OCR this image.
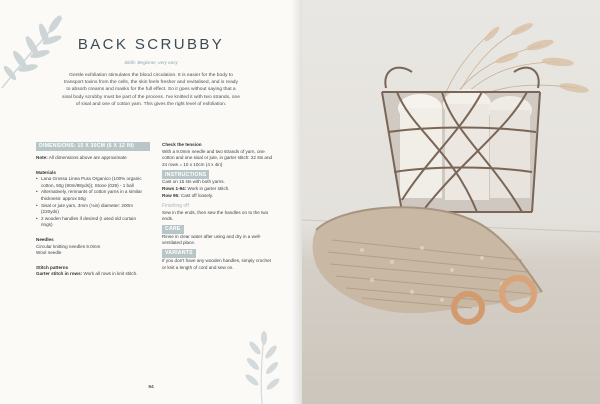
BACK SCRUBBY
Skills: Beginner, very easy
Gentle exfoliation stimulates the blood circulation. It is easier for the body to transport toxins from the cells, the skin feels fresher and revitalised, and is ready to absorb creams and masks for the full effect. So it goes without saying that a sisal body scrubby must be part of the process. I've knitted it with two strands, one of sisal and one of cotton yarn. This gives the right level of exfoliation.
DIMENSIONS: 15 X 30CM (6 X 12 IN)
Note: All dimensions above are approximate
Materials
• Lana Grossa Linea Pura Organico (100% organic cotton, 50g (90m/98yds)); Stone (029) - 1 ball
• Alternatively, remnants of cotton yarns in a similar thickness: approx 50g
• Sisal or jute yarn, 3mm (⅛in) diameter: 200m (220yds)
• 2 wooden handles if desired (I used old curtain rings)
Needles
Circular knitting needles 9.0mm
Wool needle
Stitch patterns
Garter stitch in rows: Work all rows in knit stitch.
Check the tension
With a 9.0mm needle and two strands of yarn, one cotton and one sisal or jute, in garter stitch: 22 sts and 24 rows = 10 x 10cm (4 x 4in)
INSTRUCTIONS
Cast on 15 sts with both yarns.
Rows 1-94: Work in garter stitch.
Row 95: Cast off loosely.
Finishing off
Sew in the ends, then sew the handles on to the two ends.
CARE
Rinse in clear water after using and dry in a well-ventilated place.
VARIANTS
If you don't have any wooden handles, simply crochet or knit a length of cord and sew on.
94
